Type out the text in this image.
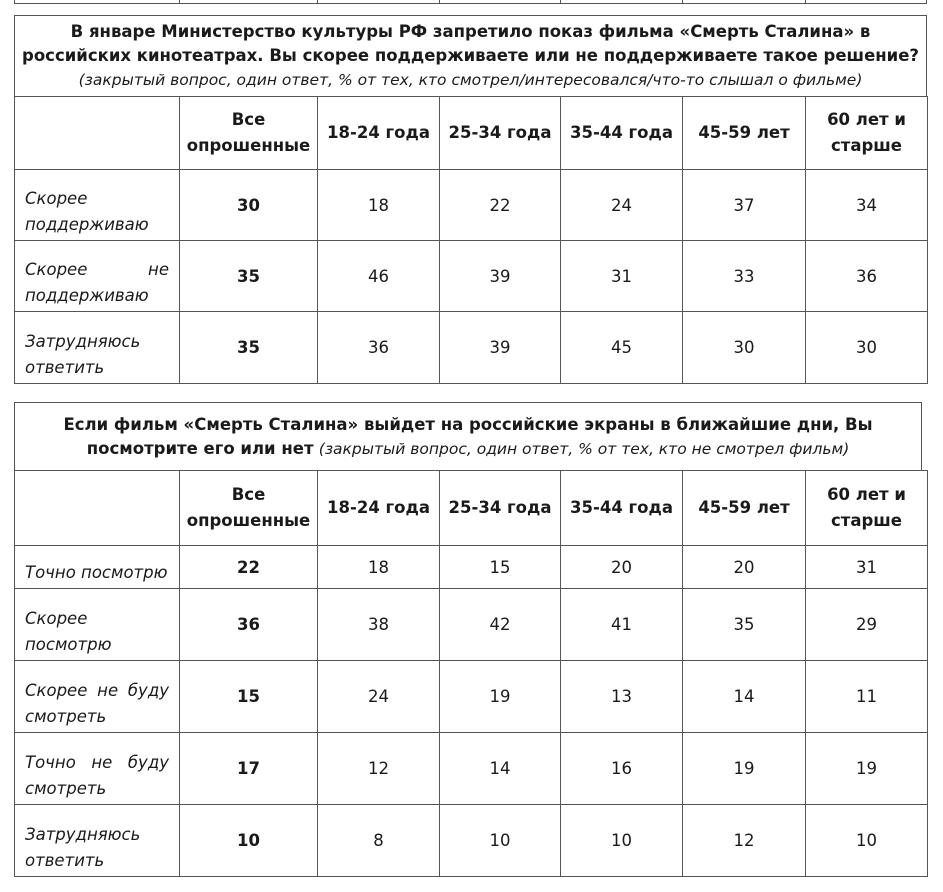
В январе Министерство культуры РФ запретило показ фильма «Смерть Сталина» в российских кинотеатрах. Вы скорее поддерживаете или не поддерживаете такое решение? (закрытый вопрос, один ответ, % от тех, кто смотрел/интересовался/что-то слышал о фильме)
	Все опрошенные	18-24 года	25-34 года	35-44 года	45-59 лет	60 лет и старше
Скорее поддерживаю	30	18	22	24	37	34
Скорее не поддерживаю	35	46	39	31	33	36
Затрудняюсь ответить	35	36	39	45	30	30
Если фильм «Смерть Сталина» выйдет на российские экраны в ближайшие дни, Вы посмотрите его или нет (закрытый вопрос, один ответ, % от тех, кто не смотрел фильм)
	Все опрошенные	18-24 года	25-34 года	35-44 года	45-59 лет	60 лет и старше
Точно посмотрю	22	18	15	20	20	31
Скорее посмотрю	36	38	42	41	35	29
Скорее не буду смотреть	15	24	19	13	14	11
Точно не буду смотреть	17	12	14	16	19	19
Затрудняюсь ответить	10	8	10	10	12	10
